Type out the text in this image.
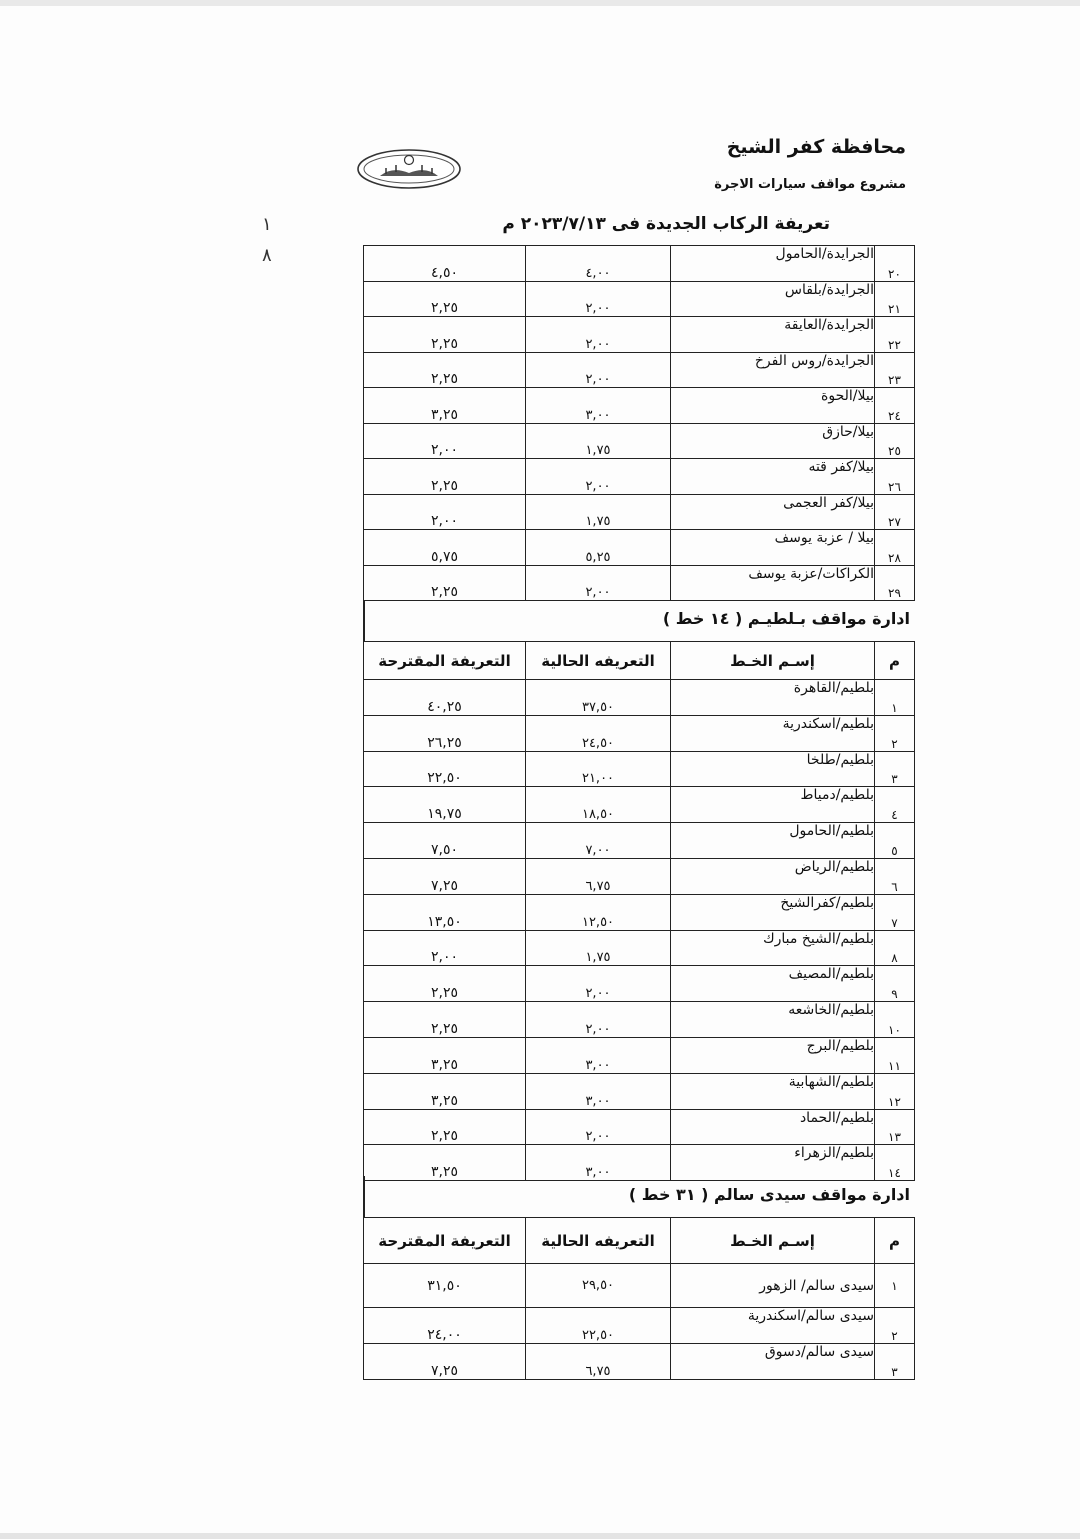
محافظة كفر الشيخ
مشروع مواقف سيارات الاجرة
تعريفة الركاب الجديدة فى ٢٠٢٣/٧/١٣ م
١
٨
٢٠	الجرايدة/الحامول	٤,٠٠	٤,٥٠
٢١	الجرايدة/بلقاس	٢,٠٠	٢,٢٥
٢٢	الجرايدة/العايقة	٢,٠٠	٢,٢٥
٢٣	الجرايدة/روس الفرخ	٢,٠٠	٢,٢٥
٢٤	بيلا/الحوة	٣,٠٠	٣,٢٥
٢٥	بيلا/حازق	١,٧٥	٢,٠٠
٢٦	بيلا/كفر قته	٢,٠٠	٢,٢٥
٢٧	بيلا/كفر العجمى	١,٧٥	٢,٠٠
٢٨	بيلا / عزبة يوسف	٥,٢٥	٥,٧٥
٢٩	الكراكات/عزبة يوسف	٢,٠٠	٢,٢٥
ادارة مواقف بـلطيـم ( ١٤ خط )
م	إسـم الخـط	التعريفه الحالية	التعريفة المقترحة
١	بلطيم/القاهرة	٣٧,٥٠	٤٠,٢٥
٢	بلطيم/اسكندرية	٢٤,٥٠	٢٦,٢٥
٣	بلطيم/طلخا	٢١,٠٠	٢٢,٥٠
٤	بلطيم/دمياط	١٨,٥٠	١٩,٧٥
٥	بلطيم/الحامول	٧,٠٠	٧,٥٠
٦	بلطيم/الرياض	٦,٧٥	٧,٢٥
٧	بلطيم/كفرالشيخ	١٢,٥٠	١٣,٥٠
٨	بلطيم/الشيخ مبارك	١,٧٥	٢,٠٠
٩	بلطيم/المصيف	٢,٠٠	٢,٢٥
١٠	بلطيم/الخاشعه	٢,٠٠	٢,٢٥
١١	بلطيم/البرج	٣,٠٠	٣,٢٥
١٢	بلطيم/الشهابية	٣,٠٠	٣,٢٥
١٣	بلطيم/الحماد	٢,٠٠	٢,٢٥
١٤	بلطيم/الزهراء	٣,٠٠	٣,٢٥
ادارة مواقف سيدى سالم ( ٣١ خط )
م	إسـم الخـط	التعريفه الحالية	التعريفة المقترحة
١	سيدى سالم/ الزهور	٢٩,٥٠	٣١,٥٠
٢	سيدى سالم/اسكندرية	٢٢,٥٠	٢٤,٠٠
٣	سيدى سالم/دسوق	٦,٧٥	٧,٢٥
